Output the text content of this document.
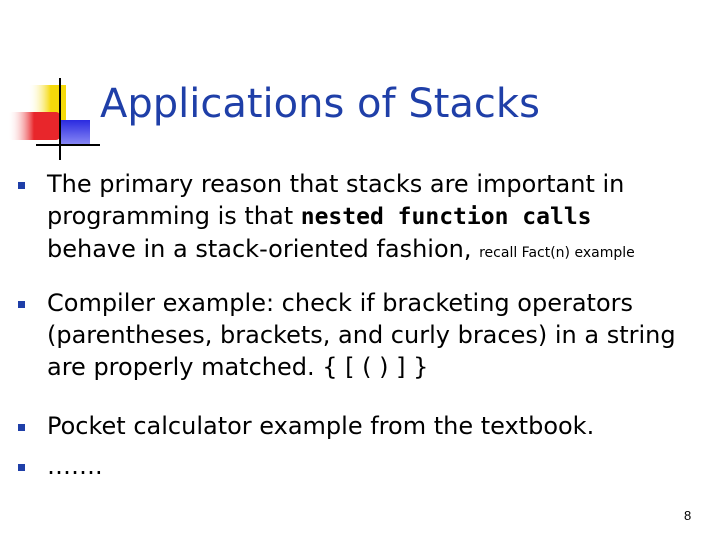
Applications of Stacks
The primary reason that stacks are important in programming is that nested function calls behave in a stack-oriented fashion, recall Fact(n) example
Compiler example: check if bracketing operators (parentheses, brackets, and curly braces) in a string are properly matched. { [ ( ) ] }
Pocket calculator example from the textbook.
…….
8
